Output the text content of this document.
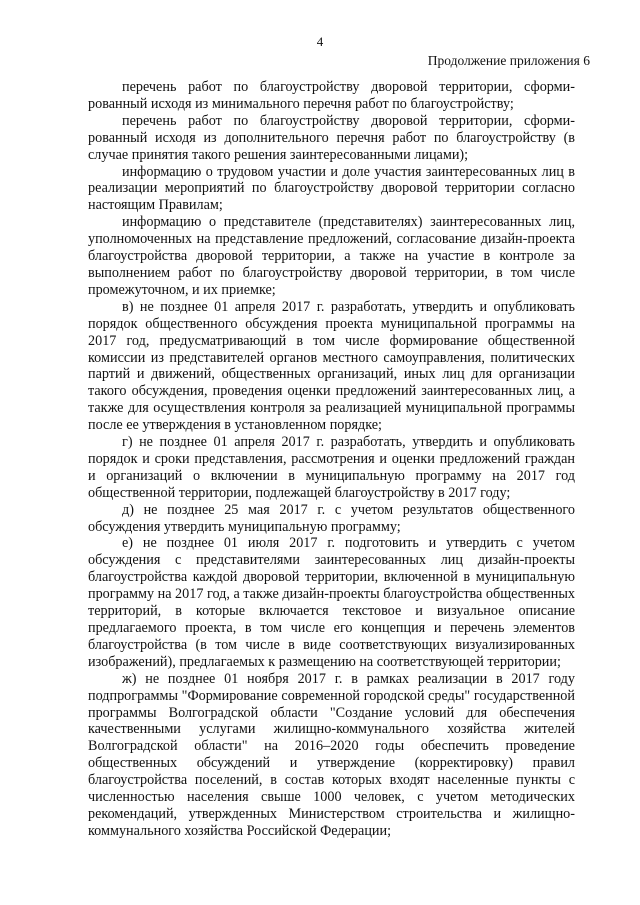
4
Продолжение приложения 6

перечень работ по благоустройству дворовой территории, сформированный исходя из минимального перечня работ по благоустройству;

перечень работ по благоустройству дворовой территории, сформированный исходя из дополнительного перечня работ по благоустройству (в случае принятия такого решения заинтересованными лицами);

информацию о трудовом участии и доле участия заинтересованных лиц в реализации мероприятий по благоустройству дворовой территории согласно настоящим Правилам;

информацию о представителе (представителях) заинтересованных лиц, уполномоченных на представление предложений, согласование дизайн-проекта благоустройства дворовой территории, а также на участие в контроле за выполнением работ по благоустройству дворовой территории, в том числе промежуточном, и их приемке;

в) не позднее 01 апреля 2017 г. разработать, утвердить и опубликовать порядок общественного обсуждения проекта муниципальной программы на 2017 год, предусматривающий в том числе формирование общественной комиссии из представителей органов местного самоуправления, политических партий и движений, общественных организаций, иных лиц для организации такого обсуждения, проведения оценки предложений заинтересованных лиц, а также для осуществления контроля за реализацией муниципальной программы после ее утверждения в установленном порядке;

г) не позднее 01 апреля 2017 г. разработать, утвердить и опубликовать порядок и сроки представления, рассмотрения и оценки предложений граждан и организаций о включении в муниципальную программу на 2017 год общественной территории, подлежащей благоустройству в 2017 году;

д) не позднее 25 мая 2017 г. с учетом результатов общественного обсуждения утвердить муниципальную программу;

е) не позднее 01 июля 2017 г. подготовить и утвердить с учетом обсуждения с представителями заинтересованных лиц дизайн-проекты благоустройства каждой дворовой территории, включенной в муниципальную программу на 2017 год, а также дизайн-проекты благоустройства общественных территорий, в которые включается текстовое и визуальное описание предлагаемого проекта, в том числе его концепция и перечень элементов благоустройства (в том числе в виде соответствующих визуализированных изображений), предлагаемых к размещению на соответствующей территории;

ж) не позднее 01 ноября 2017 г. в рамках реализации в 2017 году подпрограммы "Формирование современной городской среды" государственной программы Волгоградской области "Создание условий для обеспечения качественными услугами жилищно-коммунального хозяйства жителей Волгоградской области" на 2016–2020 годы обеспечить проведение общественных обсуждений и утверждение (корректировку) правил благоустройства поселений, в состав которых входят населенные пункты с численностью населения свыше 1000 человек, с учетом методических рекомендаций, утвержденных Министерством строительства и жилищнокоммунального хозяйства Российской Федерации;
